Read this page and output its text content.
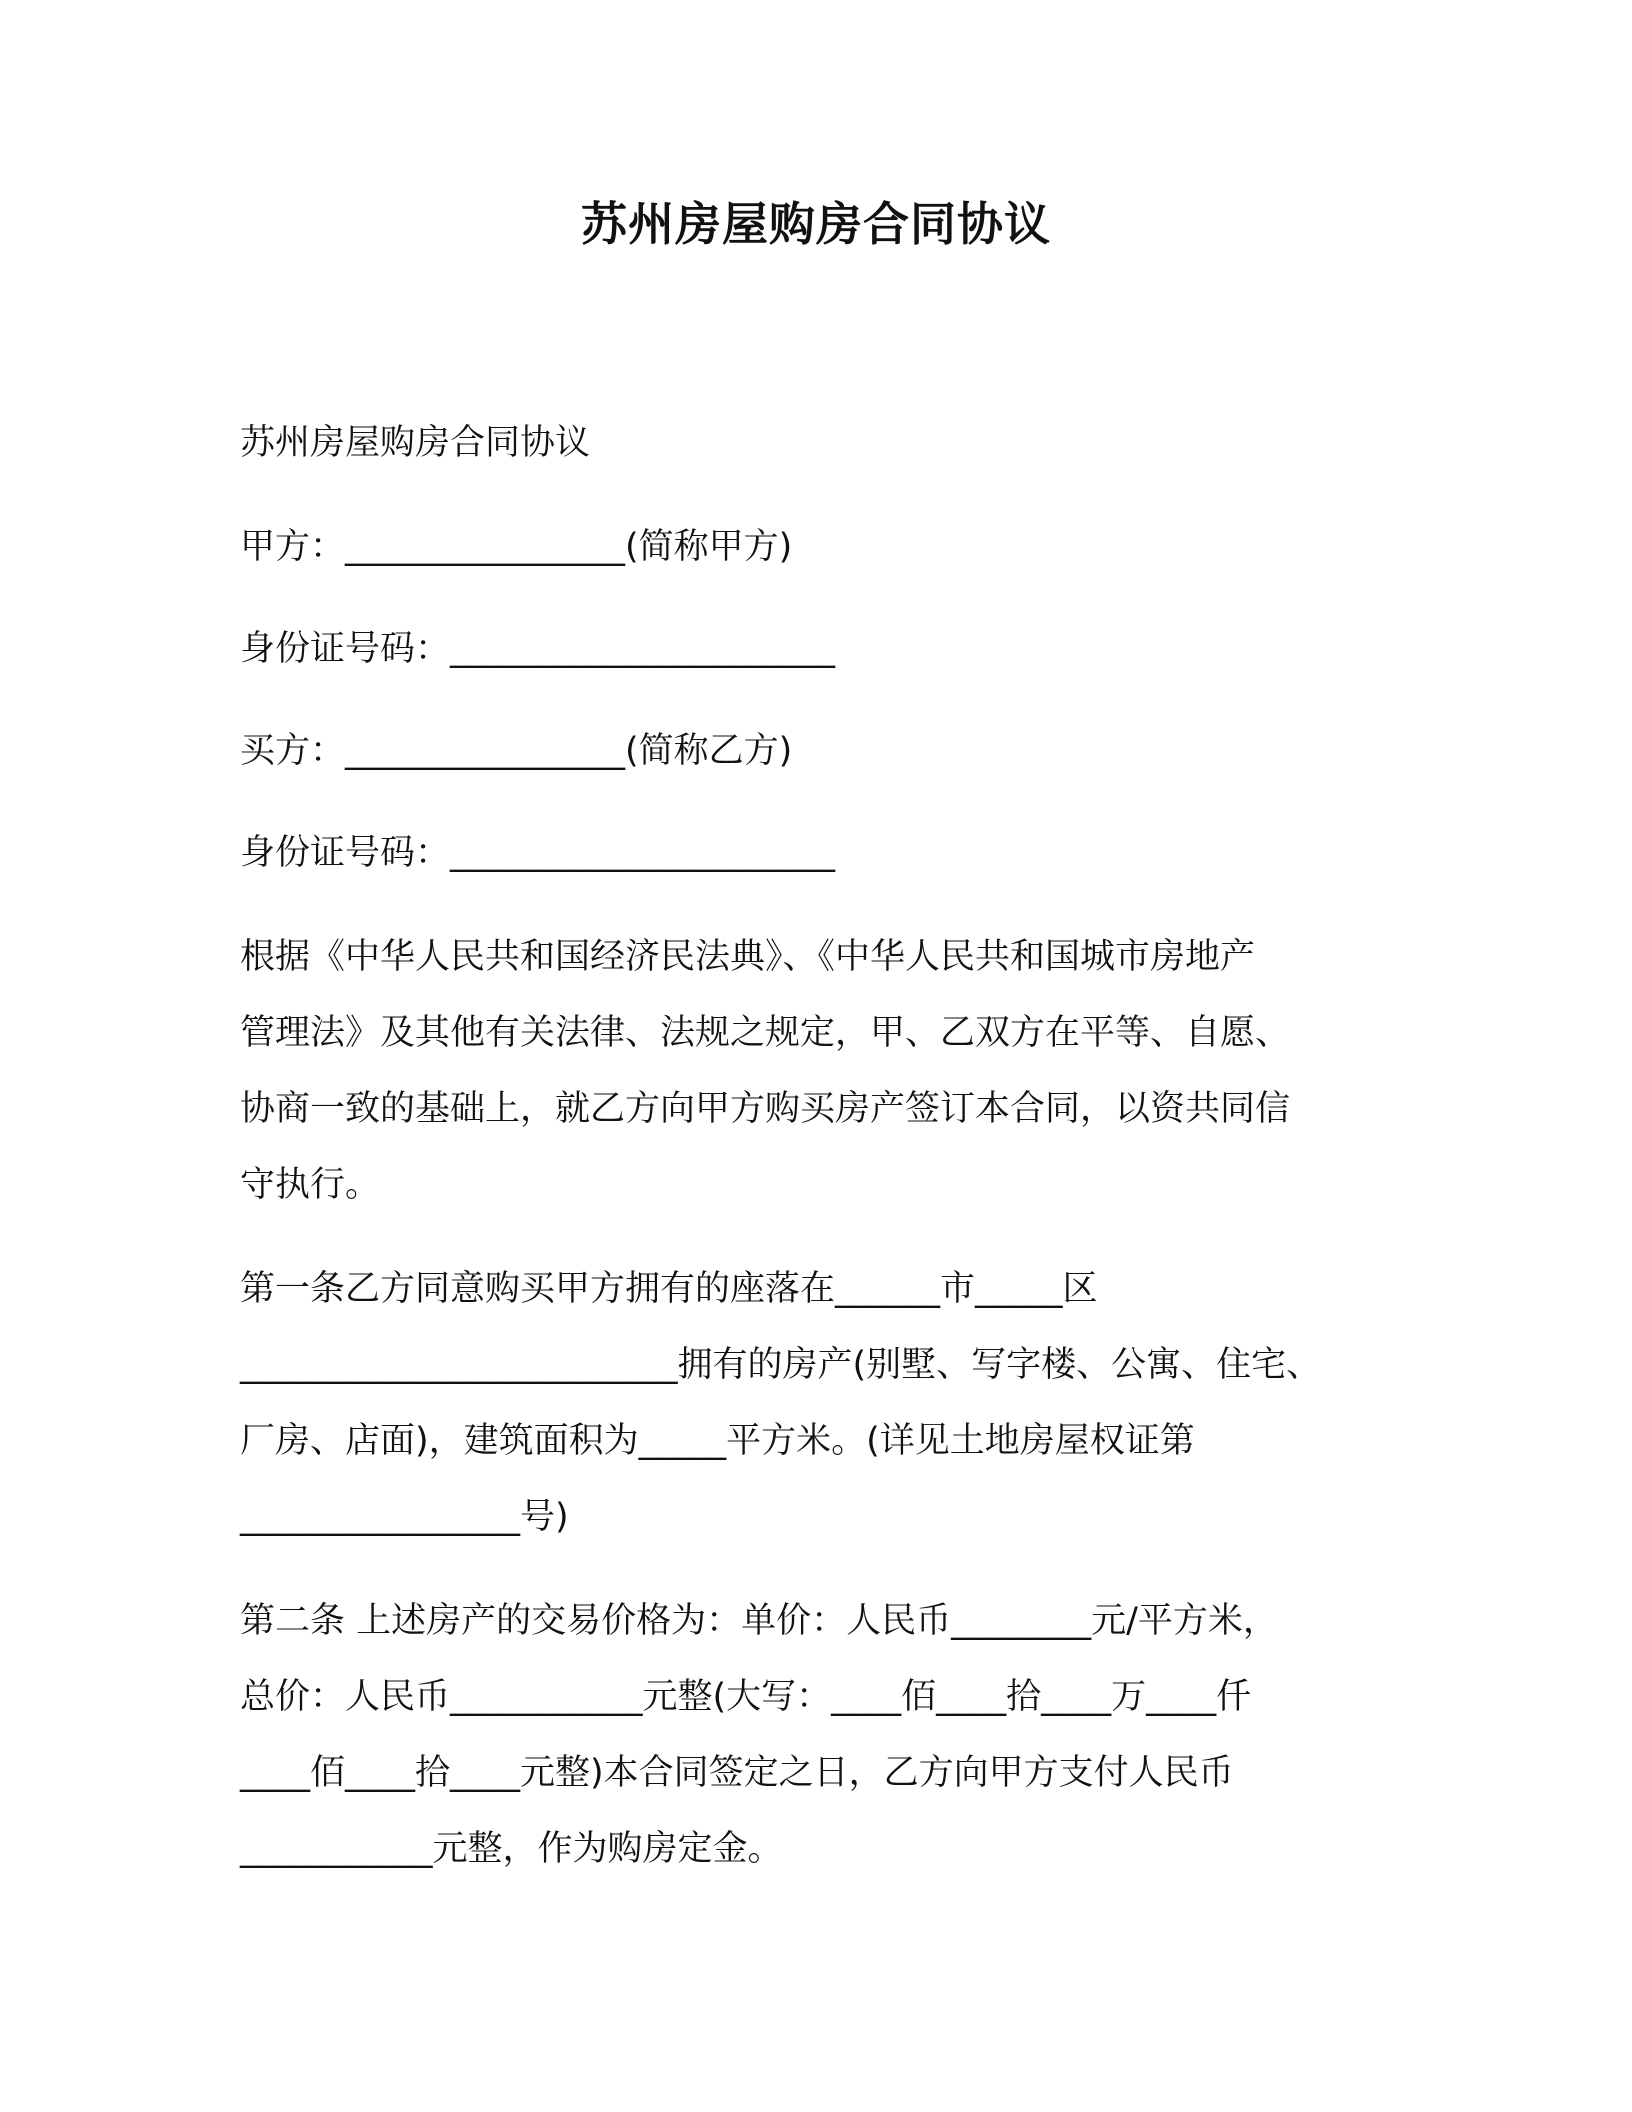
苏州房屋购房合同协议

苏州房屋购房合同协议

甲方：________________(简称甲方)

身份证号码：______________________

买方：________________(简称乙方)

身份证号码：______________________

根据《中华人民共和国经济民法典》、《中华人民共和国城市房地产

管理法》及其他有关法律、法规之规定，甲、乙双方在平等、自愿、

协商一致的基础上，就乙方向甲方购买房产签订本合同，以资共同信

守执行。

第一条乙方同意购买甲方拥有的座落在______市_____区

_________________________拥有的房产(别墅、写字楼、公寓、住宅、

厂房、店面)，建筑面积为_____平方米。(详见土地房屋权证第

________________号)

第二条 上述房产的交易价格为：单价：人民币________元/平方米，

总价：人民币___________元整(大写：____佰____拾____万____仟

____佰____拾____元整)本合同签定之日，乙方向甲方支付人民币

___________元整，作为购房定金。
